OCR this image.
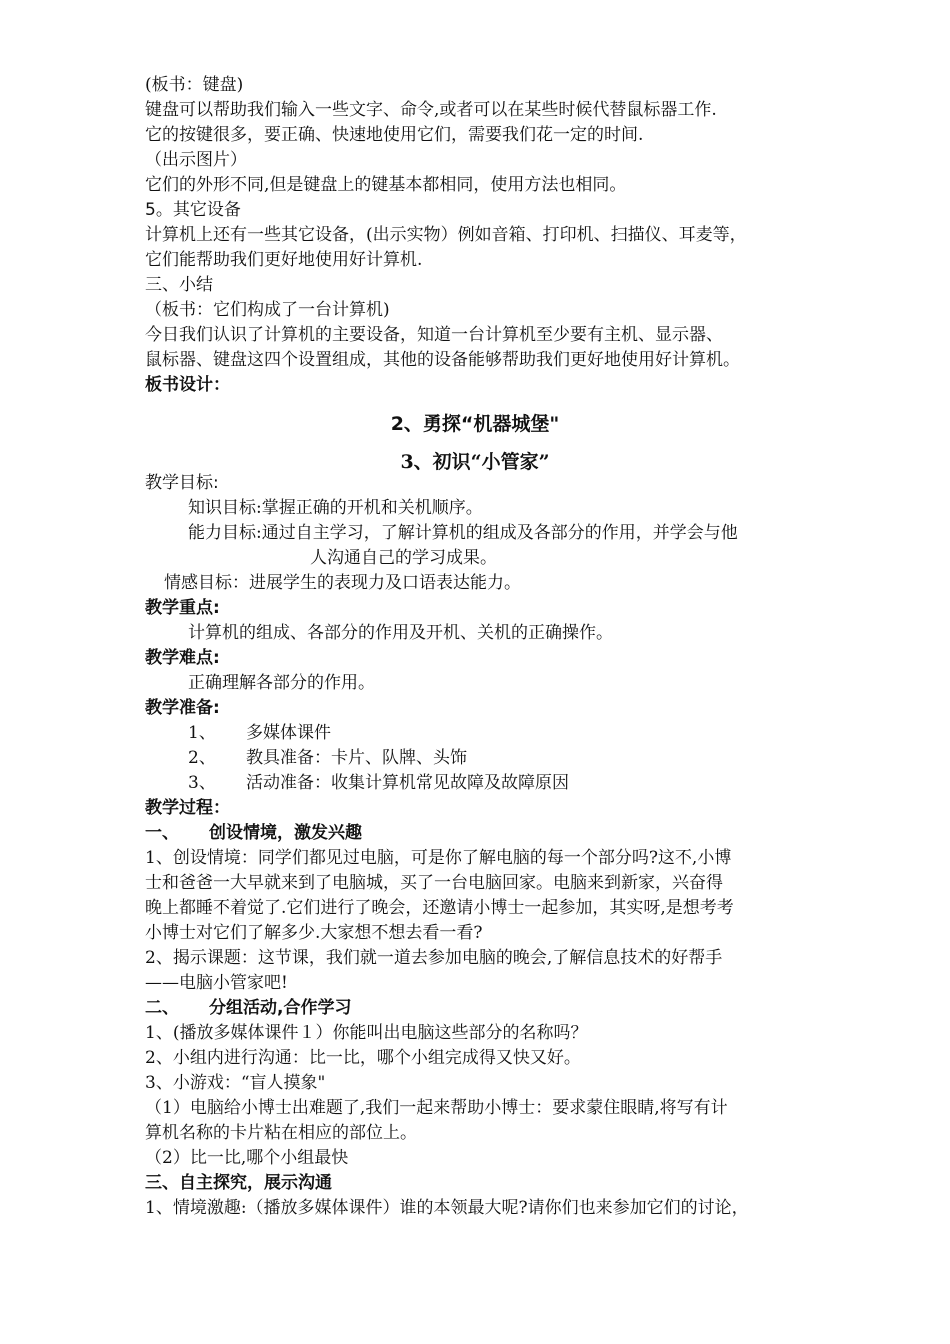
(板书：键盘)
键盘可以帮助我们输入一些文字、命令,或者可以在某些时候代替鼠标器工作.
它的按键很多，要正确、快速地使用它们，需要我们花一定的时间.
（出示图片）
它们的外形不同,但是键盘上的键基本都相同，使用方法也相同。
5。其它设备
计算机上还有一些其它设备，(出示实物）例如音箱、打印机、扫描仪、耳麦等，
它们能帮助我们更好地使用好计算机.
三、小结
（板书：它们构成了一台计算机)
今日我们认识了计算机的主要设备，知道一台计算机至少要有主机、显示器、
鼠标器、键盘这四个设置组成，其他的设备能够帮助我们更好地使用好计算机。
板书设计：
2、勇探“机器城堡"
3、初识“小管家”
教学目标:
知识目标:掌握正确的开机和关机顺序。
能力目标:通过自主学习，了解计算机的组成及各部分的作用，并学会与他
人沟通自己的学习成果。
情感目标：进展学生的表现力及口语表达能力。
教学重点:
计算机的组成、各部分的作用及开机、关机的正确操作。
教学难点:
正确理解各部分的作用。
教学准备:
1、 多媒体课件
2、 教具准备：卡片、队牌、头饰
3、 活动准备：收集计算机常见故障及故障原因
教学过程：
一、 创设情境，激发兴趣
1、创设情境：同学们都见过电脑，可是你了解电脑的每一个部分吗?这不,小博
士和爸爸一大早就来到了电脑城，买了一台电脑回家。电脑来到新家，兴奋得
晚上都睡不着觉了.它们进行了晚会，还邀请小博士一起参加，其实呀,是想考考
小博士对它们了解多少.大家想不想去看一看?
2、揭示课题：这节课，我们就一道去参加电脑的晚会,了解信息技术的好帮手
——电脑小管家吧!
二、 分组活动,合作学习
1、(播放多媒体课件１）你能叫出电脑这些部分的名称吗？
2、小组内进行沟通：比一比，哪个小组完成得又快又好。
3、小游戏：“盲人摸象"
（1）电脑给小博士出难题了,我们一起来帮助小博士：要求蒙住眼睛,将写有计
算机名称的卡片粘在相应的部位上。
（2）比一比,哪个小组最快
三、自主探究，展示沟通
1、情境激趣:（播放多媒体课件）谁的本领最大呢?请你们也来参加它们的讨论，
